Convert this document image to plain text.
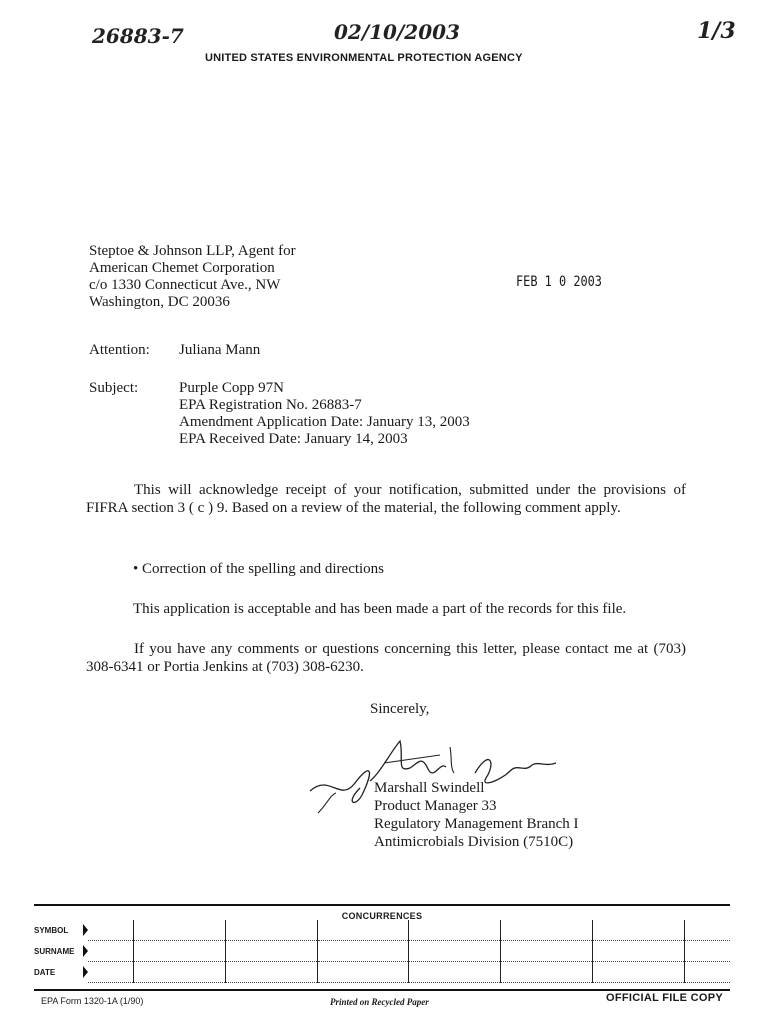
26883-7	02/10/2003	1/3
UNITED STATES ENVIRONMENTAL PROTECTION AGENCY
Steptoe & Johnson LLP, Agent for
American Chemet Corporation
c/o 1330 Connecticut Ave., NW
Washington, DC 20036
FEB 1 0 2003
Attention: Juliana Mann
Subject:	Purple Copp 97N
EPA Registration No. 26883-7
Amendment Application Date: January 13, 2003
EPA Received Date: January 14, 2003
This will acknowledge receipt of your notification, submitted under the provisions of FIFRA section 3 ( c ) 9. Based on a review of the material, the following comment apply.
• Correction of the spelling and directions
This application is acceptable and has been made a part of the records for this file.
If you have any comments or questions concerning this letter, please contact me at (703) 308-6341 or Portia Jenkins at (703) 308-6230.
Sincerely,
Marshall Swindell
Product Manager 33
Regulatory Management Branch I
Antimicrobials Division (7510C)
CONCURRENCES
SYMBOL

SURNAME

DATE

EPA Form 1320-1A (1/90)	Printed on Recycled Paper	OFFICIAL FILE COPY
